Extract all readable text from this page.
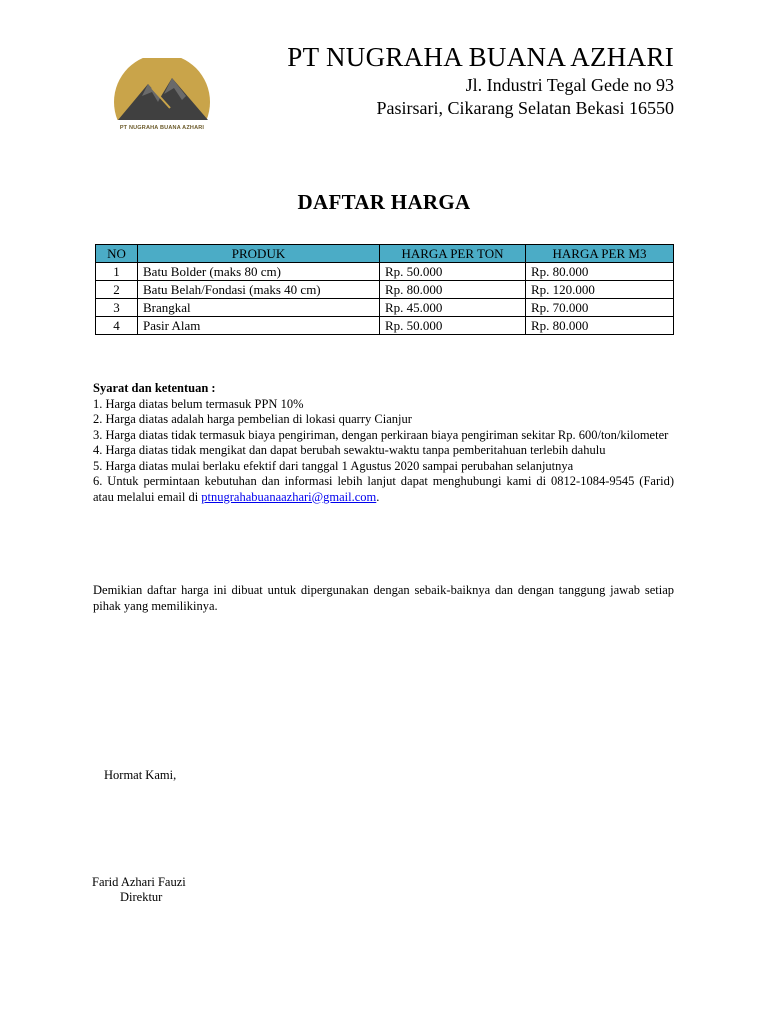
PT NUGRAHA BUANA AZHARI
PT NUGRAHA BUANA AZHARI
Jl. Industri Tegal Gede no 93
Pasirsari, Cikarang Selatan Bekasi 16550
DAFTAR HARGA
NO	PRODUK	HARGA PER TON	HARGA PER M3
1	Batu Bolder (maks 80 cm)	Rp. 50.000	Rp. 80.000
2	Batu Belah/Fondasi (maks 40 cm)	Rp. 80.000	Rp. 120.000
3	Brangkal	Rp. 45.000	Rp. 70.000
4	Pasir Alam	Rp. 50.000	Rp. 80.000

Syarat dan ketentuan :

1. Harga diatas belum termasuk PPN 10%

2. Harga diatas adalah harga pembelian di lokasi quarry Cianjur

3. Harga diatas tidak termasuk biaya pengiriman, dengan perkiraan biaya pengiriman sekitar Rp. 600/ton/kilometer

4. Harga diatas tidak mengikat dan dapat berubah sewaktu-waktu tanpa pemberitahuan terlebih dahulu

5. Harga diatas mulai berlaku efektif dari tanggal 1 Agustus 2020 sampai perubahan selanjutnya

6. Untuk permintaan kebutuhan dan informasi lebih lanjut dapat menghubungi kami di 0812-1084-9545 (Farid) atau melalui email di ptnugrahabuanaazhari@gmail.com.

Demikian daftar harga ini dibuat untuk dipergunakan dengan sebaik-baiknya dan dengan tanggung jawab setiap pihak yang memilikinya.

Hormat Kami,
Farid Azhari Fauzi
Direktur
